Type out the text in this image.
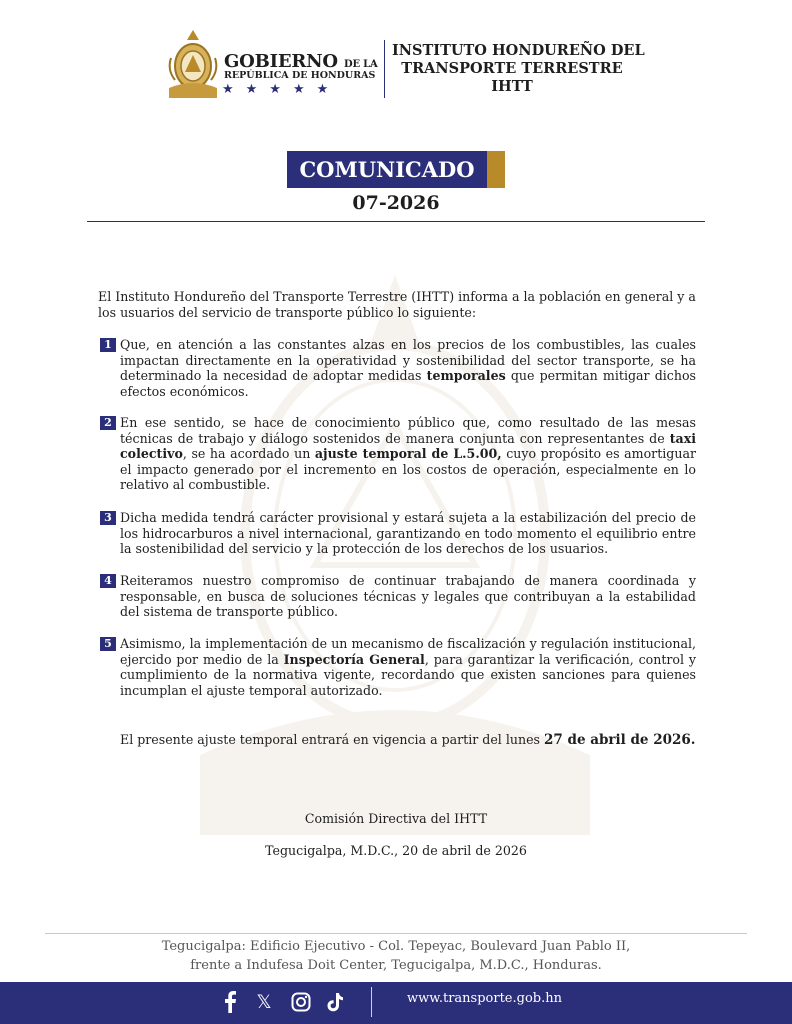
GOBIERNO DE LA
REPÚBLICA DE HONDURAS
★★★★★
INSTITUTO HONDUREÑO DEL
TRANSPORTE TERRESTRE
IHTT
COMUNICADO
07-2026
El Instituto Hondureño del Transporte Terrestre (IHTT) informa a la población en general y a los usuarios del servicio de transporte público lo siguiente:
1 Que, en atención a las constantes alzas en los precios de los combustibles, las cuales impactan directamente en la operatividad y sostenibilidad del sector transporte, se ha determinado la necesidad de adoptar medidas temporales que permitan mitigar dichos efectos económicos.
2 En ese sentido, se hace de conocimiento público que, como resultado de las mesas técnicas de trabajo y diálogo sostenidos de manera conjunta con representantes de taxi colectivo, se ha acordado un ajuste temporal de L.5.00, cuyo propósito es amortiguar el impacto generado por el incremento en los costos de operación, especialmente en lo relativo al combustible.
3 Dicha medida tendrá carácter provisional y estará sujeta a la estabilización del precio de los hidrocarburos a nivel internacional, garantizando en todo momento el equilibrio entre la sostenibilidad del servicio y la protección de los derechos de los usuarios.
4 Reiteramos nuestro compromiso de continuar trabajando de manera coordinada y responsable, en busca de soluciones técnicas y legales que contribuyan a la estabilidad del sistema de transporte público.
5 Asimismo, la implementación de un mecanismo de fiscalización y regulación institucional, ejercido por medio de la Inspectoría General, para garantizar la verificación, control y cumplimiento de la normativa vigente, recordando que existen sanciones para quienes incumplan el ajuste temporal autorizado.
El presente ajuste temporal entrará en vigencia a partir del lunes 27 de abril de 2026.
Comisión Directiva del IHTT
Tegucigalpa, M.D.C., 20 de abril de 2026
Tegucigalpa: Edificio Ejecutivo - Col. Tepeyac, Boulevard Juan Pablo II,
frente a Indufesa Doit Center, Tegucigalpa, M.D.C., Honduras.
𝕏	www.transporte.gob.hn
